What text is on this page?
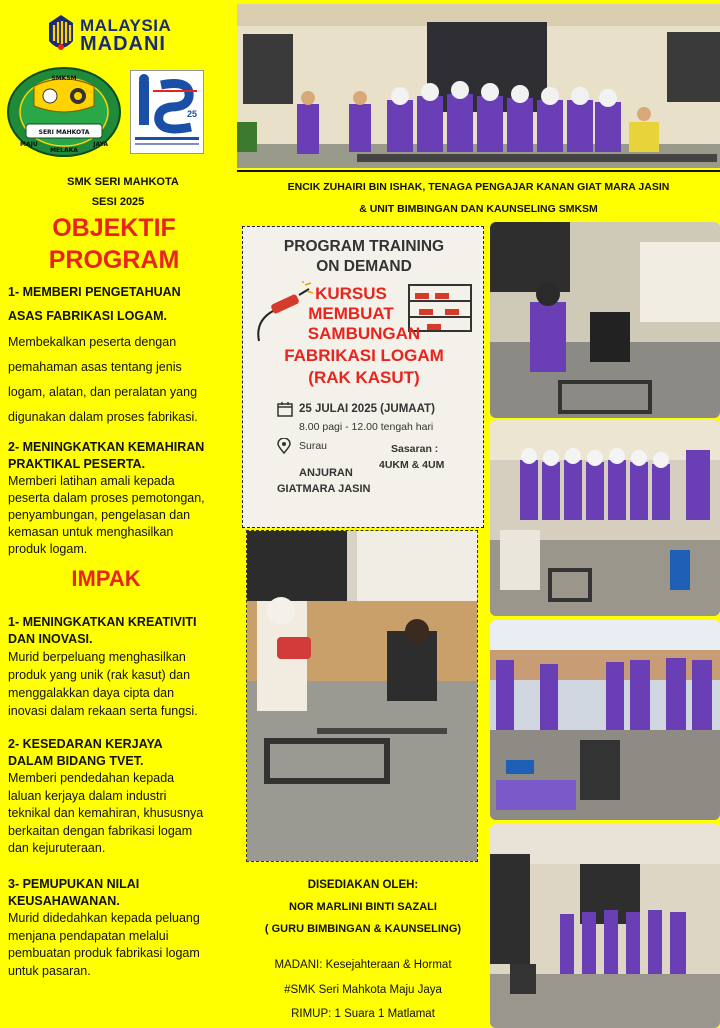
MALAYSIA
MADANI
SMKSM
SERI MAHKOTA
MAJU	JAYA
MELAKA
25
SMK SERI MAHKOTA
SESI 2025
OBJEKTIF
PROGRAM
1- MEMBERI PENGETAHUAN
ASAS FABRIKASI LOGAM.
Membekalkan peserta dengan
pemahaman asas tentang jenis
logam, alatan, dan peralatan yang
digunakan dalam proses fabrikasi.
2- MENINGKATKAN KEMAHIRAN
PRAKTIKAL PESERTA.
Memberi latihan amali kepada
peserta dalam proses pemotongan,
penyambungan, pengelasan dan
kemasan untuk menghasilkan
produk logam.
IMPAK
1- MENINGKATKAN KREATIVITI
DAN INOVASI.
Murid berpeluang menghasilkan
produk yang unik (rak kasut) dan
menggalakkan daya cipta dan
inovasi dalam rekaan serta fungsi.
2- KESEDARAN KERJAYA
DALAM BIDANG TVET.
Memberi pendedahan kepada
laluan kerjaya dalam industri
teknikal dan kemahiran, khususnya
berkaitan dengan fabrikasi logam
dan kejuruteraan.
3- PEMUPUKAN NILAI
KEUSAHAWANAN.
Murid didedahkan kepada peluang
menjana pendapatan melalui
pembuatan produk fabrikasi logam
untuk pasaran.
ENCIK ZUHAIRI BIN ISHAK, TENAGA PENGAJAR KANAN GIAT MARA JASIN
& UNIT BIMBINGAN DAN KAUNSELING SMKSM
PROGRAM TRAINING
ON DEMAND
KURSUS
MEMBUAT
SAMBUNGAN
FABRIKASI LOGAM
(RAK KASUT)
25 JULAI 2025 (JUMAAT)
8.00 pagi - 12.00 tengah hari
Surau	Sasaran :
4UKM & 4UM
ANJURAN
GIATMARA JASIN
DISEDIAKAN OLEH:
NOR MARLINI BINTI SAZALI
( GURU BIMBINGAN & KAUNSELING)
MADANI: Kesejahteraan & Hormat
#SMK Seri Mahkota Maju Jaya
RIMUP: 1 Suara 1 Matlamat
